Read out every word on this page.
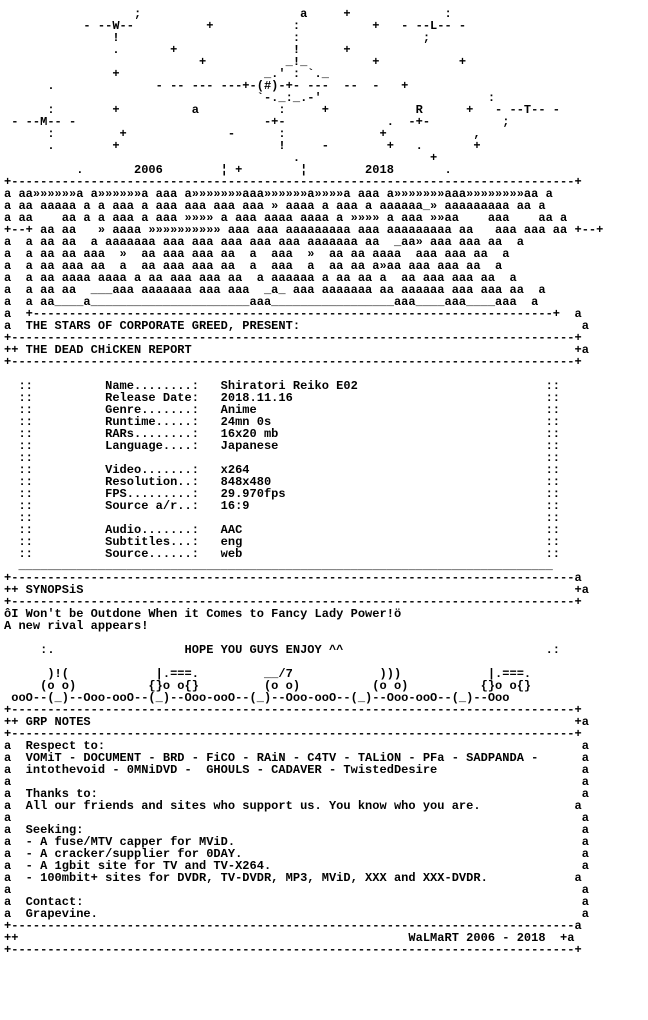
;                      a     +             :
- --W--          +           :          +   - --L-- -
!                        :                 ;
.       +                !      +
+           _!_         +           +
+                    _.' : `._
.              - -- --- ---+-(#)-+- ---  --  -   +
`-._:_.-'                       :
:        +          a           :     +            R      +   - --T-- -
- --M-- -                          -+-              .  -+-          ;
:         +              -      :             +            ,
.        +                      !     -        +   .       +
.                  +
.       2006        ¦ +        ¦        2018       .
+------------------------------------------------------------------------------+
a aa»»»»»»a a»»»»»»a aaa a»»»»»»»aaa»»»»»»a»»»»a aaa a»»»»»»»aaa»»»»»»»»aa a
a aa aaaaa a a aaa a aaa aaa aaa aaa » aaaa a aaa a aaaaaa_» aaaaaaaaa aa a
a aa    aa a a aaa a aaa »»»» a aaa aaaa aaaa a »»»» a aaa »»aa    aaa    aa a
+--+ aa aa   » aaaa »»»»»»»»»» aaa aaa aaaaaaaaa aaa aaaaaaaaa aa   aaa aaa aa +--+
a  a aa aa  a aaaaaaa aaa aaa aaa aaa aaa aaaaaaa aa  _aa» aaa aaa aa  a
a  a aa aa aaa  »  aa aaa aaa aa  a  aaa  »  aa aa aaaa  aaa aaa aa  a
a  a aa aaa aa  a  aa aaa aaa aa  a  aaa  a  aa aa a»aa aaa aaa aa  a
a  a aa aaaa aaaa a aa aaa aaa aa  a aaaaaa a aa aa a  aa aaa aaa aa  a
a  a aa aa  ___aaa aaaaaaa aaa aaa  _a_ aaa aaaaaaa aa aaaaaa aaa aaa aa  a
a  a aa____a______________________aaa_________________aaa____aaa____aaa  a
a  +------------------------------------------------------------------------+  a
a  THE STARS OF CORPORATE GREED, PRESENT:                                       a
+------------------------------------------------------------------------------+
++ THE DEAD CHiCKEN REPORT                                                     +a
+------------------------------------------------------------------------------+
::          Name........:   Shiratori Reiko E02                          ::
::          Release Date:   2018.11.16                                   ::
::          Genre.......:   Anime                                        ::
::          Runtime.....:   24mn 0s                                      ::
::          RARs........:   16x20 mb                                     ::
::          Language....:   Japanese                                     ::
::                                                                       ::
::          Video.......:   x264                                         ::
::          Resolution..:   848x480                                      ::
::          FPS.........:   29.970fps                                    ::
::          Source a/r..:   16:9                                         ::
::                                                                       ::
::          Audio.......:   AAC                                          ::
::          Subtitles...:   eng                                          ::
::          Source......:   web                                          ::
__________________________________________________________________________
+------------------------------------------------------------------------------a
++ SYNOPSiS                                                                    +a
+------------------------------------------------------------------------------+
ôI Won't be Outdone When it Comes to Fancy Lady Power!ö
A new rival appears!
:.                  HOPE YOU GUYS ENJOY ^^                            .:
)!(            |.===.         __/7            )))            |.===.
(o o)          {}o o{}         (o o)          (o o)          {}o o{}
ooO--(_)--Ooo-ooO--(_)--Ooo-ooO--(_)--Ooo-ooO--(_)--Ooo-ooO--(_)--Ooo
+------------------------------------------------------------------------------+
++ GRP NOTES                                                                   +a
+------------------------------------------------------------------------------+
a  Respect to:                                                                  a
a  VOMiT - DOCUMENT - BRD - FiCO - RAiN - C4TV - TALiON - PFa - SADPANDA -      a
a  intothevoid - 0MNiDVD -  GHOULS - CADAVER - TwistedDesire                    a
a                                                                               a
a  Thanks to:                                                                   a
a  All our friends and sites who support us. You know who you are.             a
a                                                                               a
a  Seeking:                                                                     a
a  - A fuse/MTV capper for MViD.                                                a
a  - A cracker/supplier for 0DAY.                                               a
a  - A 1gbit site for TV and TV-X264.                                           a
a  - 100mbit+ sites for DVDR, TV-DVDR, MP3, MViD, XXX and XXX-DVDR.            a
a                                                                               a
a  Contact:                                                                     a
a  Grapevine.                                                                   a
+------------------------------------------------------------------------------a
++                                                      WaLMaRT 2006 - 2018  +a
+------------------------------------------------------------------------------+
